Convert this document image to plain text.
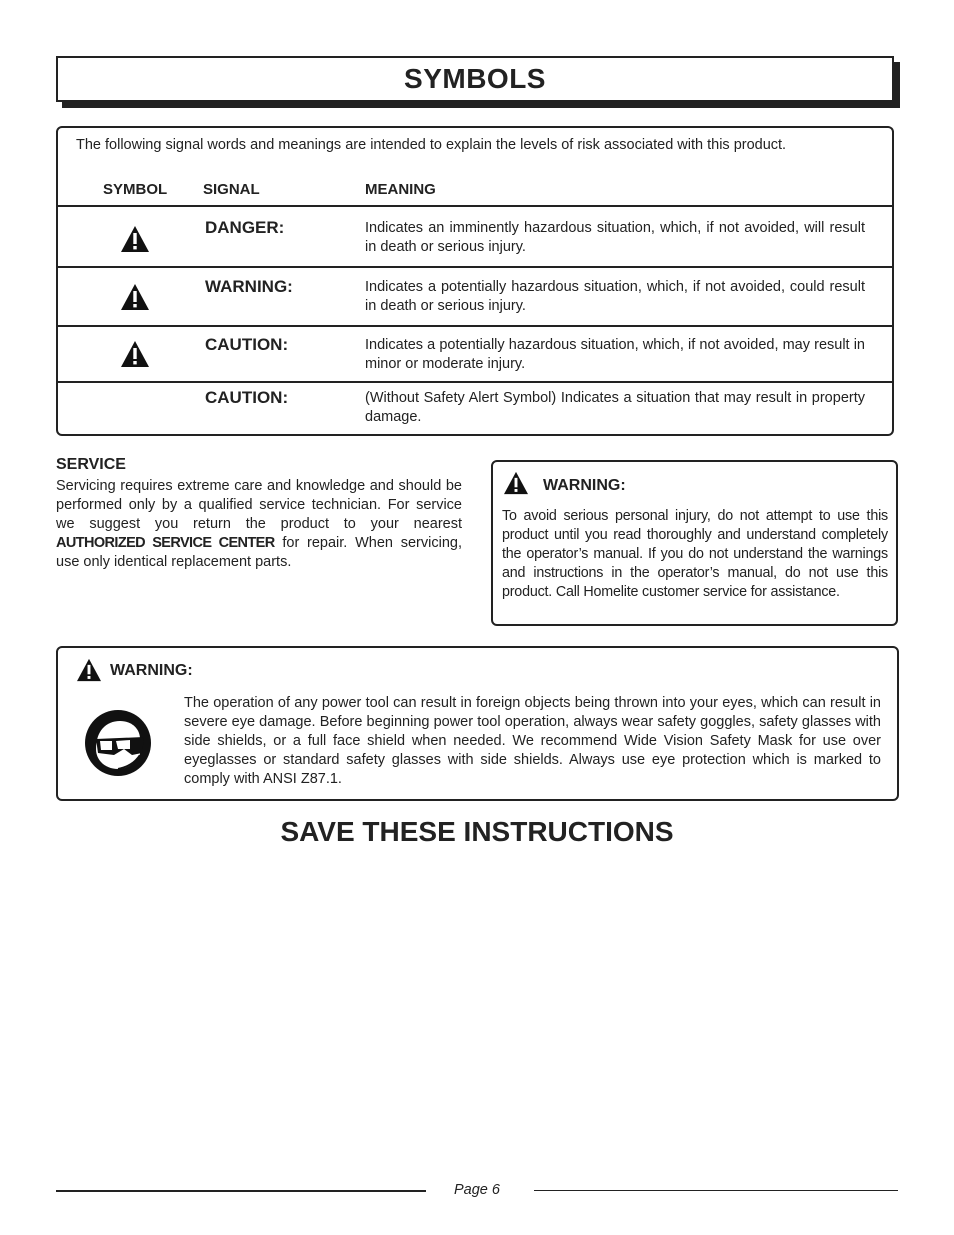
SYMBOLS
The following signal words and meanings are intended to explain the levels of risk associated with this product.
SYMBOL SIGNAL	MEANING
DANGER:	Indicates an imminently hazardous situation, which, if not avoided, will result in death or serious injury.
WARNING:	Indicates a potentially hazardous situation, which, if not avoided, could result in death or serious injury.
CAUTION:	Indicates a potentially hazardous situation, which, if not avoided, may result in minor or moderate injury.
CAUTION:	(Without Safety Alert Symbol) Indicates a situation that may result in property damage.
SERVICE
Servicing requires extreme care and knowledge and should be performed only by a qualified service technician. For service we suggest you return the product to your nearest AUTHORIZED SERVICE CENTER for repair. When servicing, use only identical replacement parts.
WARNING:
To avoid serious personal injury, do not attempt to use this product until you read thoroughly and understand completely the operator’s manual. If you do not understand the warnings and instructions in the operator’s manual, do not use this product. Call Homelite customer service for assistance.
WARNING:
The operation of any power tool can result in foreign objects being thrown into your eyes, which can result in severe eye damage. Before beginning power tool operation, always wear safety goggles, safety glasses with side shields, or a full face shield when needed. We recommend Wide Vision Safety Mask for use over eyeglasses or standard safety glasses with side shields. Always use eye protection which is marked to comply with ANSI Z87.1.
SAVE THESE INSTRUCTIONS
Page 6
